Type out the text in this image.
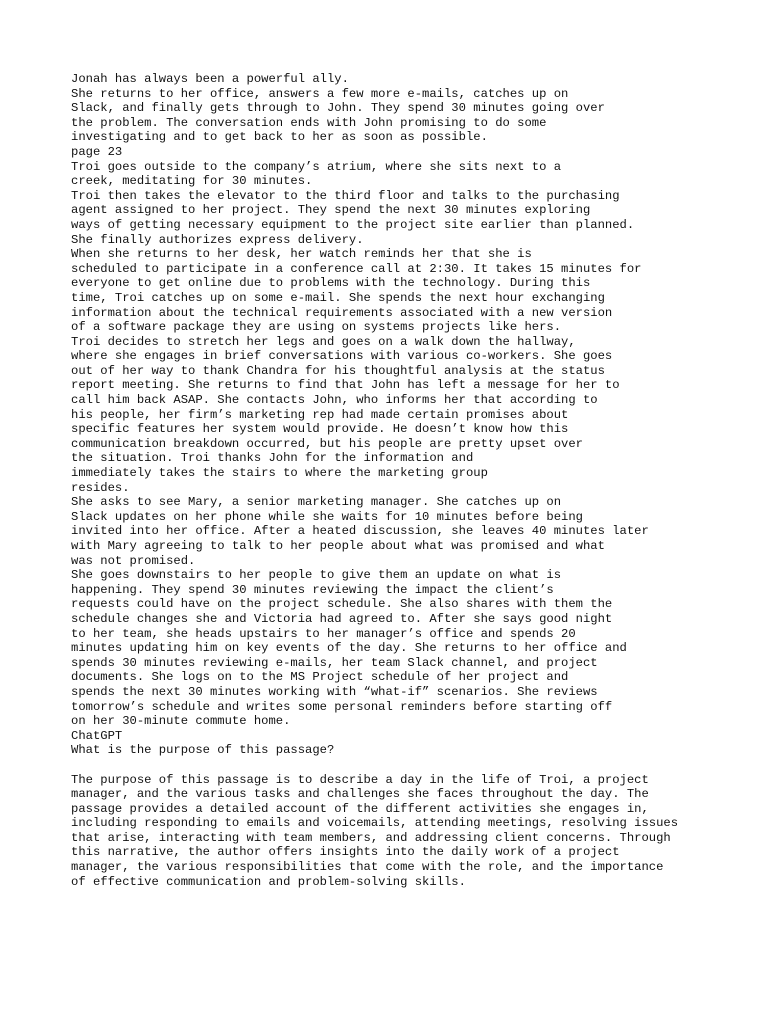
Jonah has always been a powerful ally.
She returns to her office, answers a few more e-mails, catches up on
Slack, and finally gets through to John. They spend 30 minutes going over
the problem. The conversation ends with John promising to do some
investigating and to get back to her as soon as possible.
page 23
Troi goes outside to the company’s atrium, where she sits next to a
creek, meditating for 30 minutes.
Troi then takes the elevator to the third floor and talks to the purchasing
agent assigned to her project. They spend the next 30 minutes exploring
ways of getting necessary equipment to the project site earlier than planned.
She finally authorizes express delivery.
When she returns to her desk, her watch reminds her that she is
scheduled to participate in a conference call at 2:30. It takes 15 minutes for
everyone to get online due to problems with the technology. During this
time, Troi catches up on some e-mail. She spends the next hour exchanging
information about the technical requirements associated with a new version
of a software package they are using on systems projects like hers.
Troi decides to stretch her legs and goes on a walk down the hallway,
where she engages in brief conversations with various co-workers. She goes
out of her way to thank Chandra for his thoughtful analysis at the status
report meeting. She returns to find that John has left a message for her to
call him back ASAP. She contacts John, who informs her that according to
his people, her firm’s marketing rep had made certain promises about
specific features her system would provide. He doesn’t know how this
communication breakdown occurred, but his people are pretty upset over
the situation. Troi thanks John for the information and
immediately takes the stairs to where the marketing group
resides.
She asks to see Mary, a senior marketing manager. She catches up on
Slack updates on her phone while she waits for 10 minutes before being
invited into her office. After a heated discussion, she leaves 40 minutes later
with Mary agreeing to talk to her people about what was promised and what
was not promised.
She goes downstairs to her people to give them an update on what is
happening. They spend 30 minutes reviewing the impact the client’s
requests could have on the project schedule. She also shares with them the
schedule changes she and Victoria had agreed to. After she says good night
to her team, she heads upstairs to her manager’s office and spends 20
minutes updating him on key events of the day. She returns to her office and
spends 30 minutes reviewing e-mails, her team Slack channel, and project
documents. She logs on to the MS Project schedule of her project and
spends the next 30 minutes working with “what-if” scenarios. She reviews
tomorrow’s schedule and writes some personal reminders before starting off
on her 30-minute commute home.
ChatGPT
What is the purpose of this passage?
The purpose of this passage is to describe a day in the life of Troi, a project
manager, and the various tasks and challenges she faces throughout the day. The
passage provides a detailed account of the different activities she engages in,
including responding to emails and voicemails, attending meetings, resolving issues
that arise, interacting with team members, and addressing client concerns. Through
this narrative, the author offers insights into the daily work of a project
manager, the various responsibilities that come with the role, and the importance
of effective communication and problem-solving skills.
